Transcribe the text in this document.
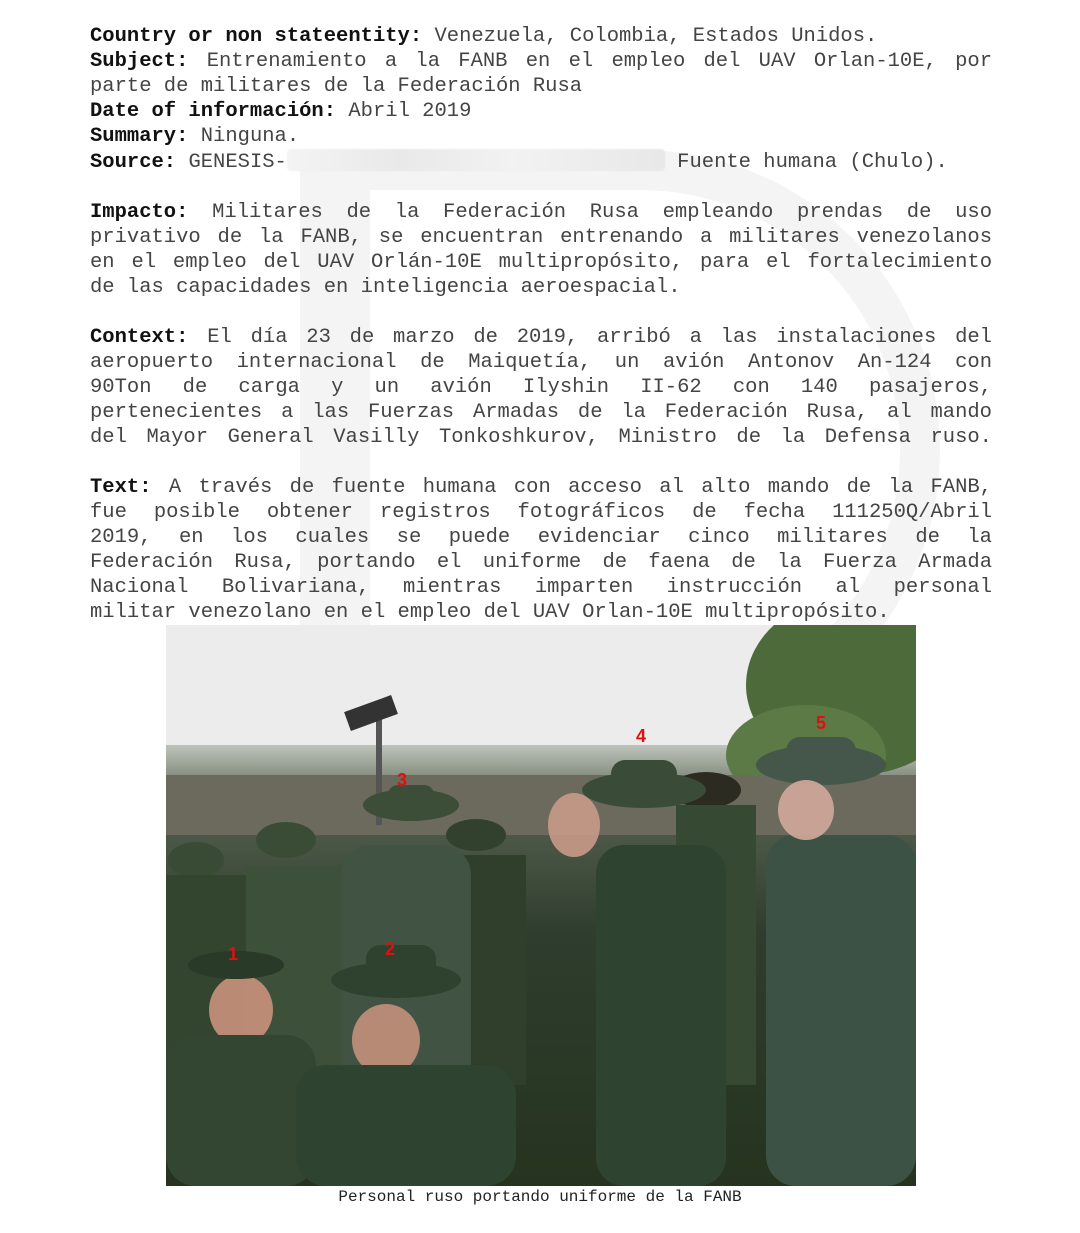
Country or non stateentity: Venezuela, Colombia, Estados Unidos.
Subject: Entrenamiento a la FANB en el empleo del UAV Orlan-10E, por
parte de militares de la Federación Rusa
Date of información: Abril 2019
Summary: Ninguna.
Source: GENESIS-	Fuente humana (Chulo).
Impacto: Militares de la Federación Rusa empleando prendas de uso
privativo de la FANB, se encuentran entrenando a militares venezolanos
en el empleo del UAV Orlán-10E multipropósito, para el fortalecimiento
de las capacidades en inteligencia aeroespacial.
Context: El día 23 de marzo de 2019, arribó a las instalaciones del
aeropuerto internacional de Maiquetía, un avión Antonov An-124 con
90Ton de carga y un avión Ilyshin II-62 con 140 pasajeros,
pertenecientes a las Fuerzas Armadas de la Federación Rusa, al mando
del Mayor General Vasilly Tonkoshkurov, Ministro de la Defensa ruso.
Text: A través de fuente humana con acceso al alto mando de la FANB,
fue posible obtener registros fotográficos de fecha 111250Q/Abril
2019, en los cuales se puede evidenciar cinco militares de la
Federación Rusa, portando el uniforme de faena de la Fuerza Armada
Nacional Bolivariana, mientras imparten instrucción al personal
militar venezolano en el empleo del UAV Orlan-10E multipropósito.
1	2
3
4
5
Personal ruso portando uniforme de la FANB
